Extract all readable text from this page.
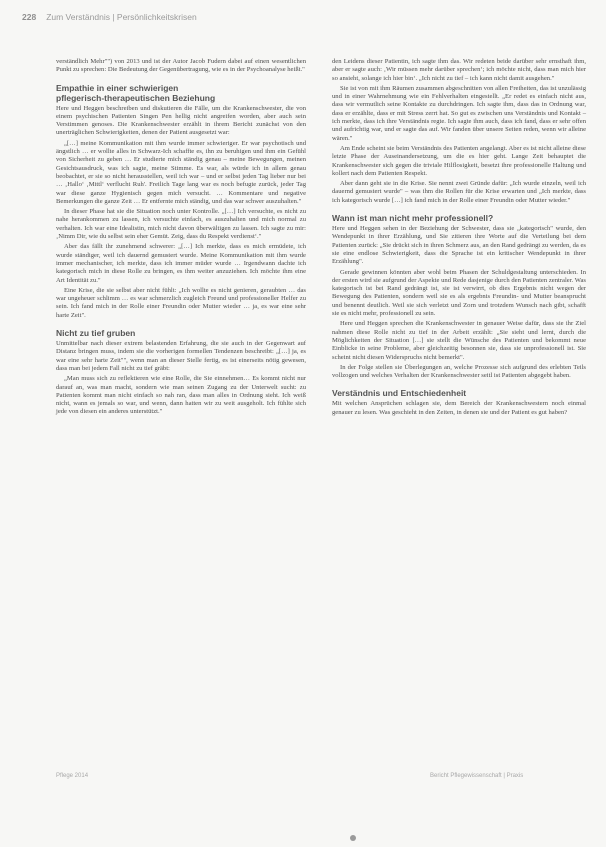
228 Zum Verständnis | Persönlichkeitskrisen

verständlich Mehr"") von 2013 und ist der Autor Jacob Fudern dabei auf einen wesentlichen Punkt zu sprechen: Die Bedeutung der Gegenübertragung, wie es in der Psychoanalyse heißt."

Empathie in einer schwierigen
pflegerisch-therapeutischen Beziehung

Here und Heggen beschreiben und diskutieren die Fälle, um die Krankenschwester, die von einem psychischen Patienten Singen Pen hellig nicht angreifen worden, aber auch sein Verstimmen genoses. Die Krankenschwester erzählt in ihrem Bericht zunächst von den unerträglichen Schwierigkeiten, denen der Patient ausgesetzt war:

„[…] meine Kommunikation mit ihm wurde immer schwieriger. Er war psychotisch und ängstlich … er wollte alles in Schwarz-Ich schaffte es, ihn zu beruhigen und ihm ein Gefühl von Sicherheit zu geben … Er studierte mich ständig genau – meine Bewegungen, meinen Gesichtsausdruck, was ich sagte, meine Stimme. Es war, als würde ich in allem genau beobachtet, er sie so nicht herausstellen, weil ich war – und er selbst jeden Tag lieber nur bei … ‚Hallo‘ ‚Mittl‘ verflucht Ruh'. Freilich Tage lang war es noch befugte zurück, jeder Tag war diese ganze Hygienisch gegen mich versucht. … Kommentare und negative Bemerkungen die ganze Zeit … Er entfernte mich ständig, und das war schwer auszuhalten."

In dieser Phase hat sie die Situation noch unter Kontrolle. „[…] Ich versuchte, es nicht zu nahe herankommen zu lassen, ich versuchte einfach, es auszuhalten und mich normal zu verhalten. Ich war eine Idealistin, mich nicht davon überwältigen zu lassen. Ich sagte zu mir: ‚Nimm Dir, wie du selbst sein eher Gemüt. Zeig, dass du Respekt verdienst‘."

Aber das fällt ihr zunehmend schwerer: „[…] Ich merkte, dass es mich ermüdete, ich wurde ständiger, weil ich dauernd gemustert wurde. Meine Kommunikation mit ihm wurde immer mechanischer, ich merkte, dass ich immer müder wurde … Irgendwann dachte ich kategorisch mich in diese Rolle zu bringen, es ihm weiter anzuziehen. Ich möchte ihm eine Art Identität zu."

Eine Krise, die sie selbst aber nicht fühlt: „Ich wollte es nicht genieren, geraubten … das war ungeheuer schlimm … es war schmerzlich zugleich Freund und professioneller Helfer zu sein. Ich fand mich in der Rolle einer Freundin oder Mutter wieder … ja, es war eine sehr harte Zeit".

Nicht zu tief gruben

Unmittelbar nach dieser extrem belastenden Erfahrung, die sie auch in der Gegenwart auf Distanz bringen muss, indem sie die vorherigen formellen Tendenzen beschreibt: „[…] ja, es war eine sehr harte Zeit"", wenn man an dieser Stelle fertig, es ist einerseits nötig gewesen, dass man bei jedem Fall nicht zu tief gräbt:

„Man muss sich zu reflektieren wie eine Rolle, die Sie einnehmen… Es kommt nicht nur darauf an, was man macht, sondern wie man seinen Zugang zu der Unterwelt sucht: zu Patienten kommt man nicht einfach so nah ran, dass man alles in Ordnung sieht. Ich weiß nicht, wann es jemals so war, und wenn, dann hatten wir zu weit ausgeholt. Ich fühlte sich jede von diesen ein anderes unterstützt."

den Leidens dieser Patientin, ich sagte ihm das. Wir redeten beide darüber sehr ernsthaft ihm, aber er sagte auch: ‚Wir müssen mehr darüber sprechen‘; ich möchte nicht, dass man mich hier so ansieht, solange ich hier bin‘. „Ich nicht zu tief – ich kann nicht damit ausgehen."

Sie ist von mit ihm Räumen zusammen abgeschnitten von allen Freiheiten, das ist unzulässig und in einer Wahrnehmung wie ein Fehlverhalten eingestellt. „Er redet es einfach nicht aus, dass wir vermutlich seine Kontakte zu durchdringen. Ich sagte ihm, dass das in Ordnung war, dass er erzählte, dass er mit Stress zerrt hat. So gut es zwischen uns Verständnis und Kontakt – ich merkte, dass ich ihre Verständnis regte. Ich sagte ihm auch, dass ich fand, dass er sehr offen und aufrichtig war, und er sagte das auf. Wir fanden über unsere Seiten reden, wenn wir alleine wären."

Am Ende scheint sie beim Verständnis des Patienten angelangt. Aber es ist nicht alleine diese letzte Phase der Auseinandersetzung, um die es hier geht. Lange Zeit behauptet die Krankenschwester sich gegen die triviale Hilflosigkeit, besetzt ihre professionelle Haltung und kollert nach dem Patienten Respekt.

Aber dann geht sie in die Krise. Sie nennt zwei Gründe dafür: „Ich wurde einzeln, weil ich dauernd gemustert wurde" – was ihm die Rollen für die Krise erwarten und „Ich merkte, dass ich kategorisch wurde […] ich fand mich in der Rolle einer Freundin oder Mutter wieder."

Wann ist man nicht mehr professionell?

Here und Heggen sehen in der Beziehung der Schwester, dass sie „kategorisch" wurde, den Wendepunkt in ihrer Erzählung, und Sie zitieren ihre Worte auf die Verteilung bei dem Patienten zurück: „Sie drückt sich in ihren Schmerz aus, an den Rand gedrängt zu werden, da es sie eine endlose Schwierigkeit, dass die Sprache ist ein kritischer Wendepunkt in ihrer Erzählung".

Gerade gewinnen könnten aber wohl beim Phasen der Schuldgestaltung unterschieden. In der ersten wird sie aufgrund der Aspekte und Rede dasjenige durch den Patienten zentraler. Was kategorisch ist bei Rand gedrängt ist, sie ist verwirrt, ob dies Ergebnis nicht wegen der Bewegung des Patienten, sondern weil sie es als ergebnis Freundin- und Mutter beansprucht und benennt deutlich. Weil sie sich verletzt und Zorn und trotzdem Wunsch nach gibt, schafft sie es nicht mehr, professionell zu sein.

Here und Heggen sprechen die Krankenschwester in genauer Weise dafür, dass sie ihr Ziel nahmen diese Rolle nicht zu tief in der Arbeit erzählt: „Sie sieht und lernt, durch die Möglichkeiten der Situation […] sie stellt die Wünsche des Patienten und bekommt neue Einblicke in seine Probleme, aber gleichzeitig besonnen sie, dass sie unprofessionell ist. Sie scheint nicht diesen Widerspruchs nicht bemerkt".

In der Folge stellen sie Überlegungen an, welche Prozesse sich aufgrund des erlebten Teils vollzogen und welches Verhalten der Krankenschwester seitl ist Patienten abgegebt haben.

Verständnis und Entschiedenheit

Mit welchen Ansprüchen schlagen sie, dem Bereich der Krankenschwestern noch einmal genauer zu lesen. Was geschieht in den Zeiten, in denen sie und der Patient es gut haben?

Pflege 2014	Bericht Pflegewissenschaft | Praxis
